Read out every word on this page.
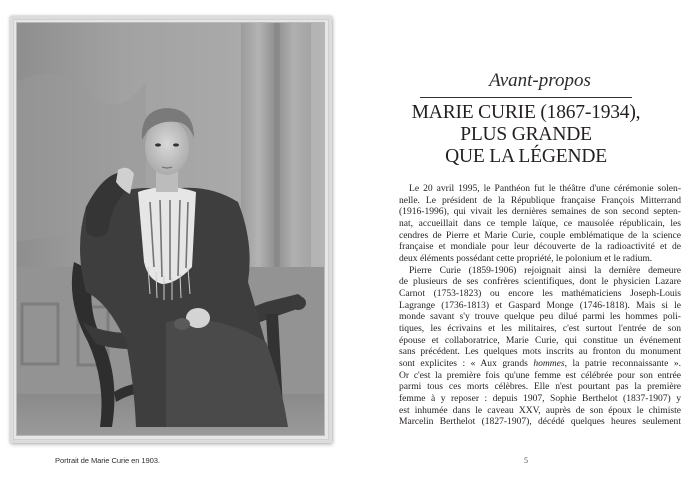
Portrait de Marie Curie en 1903.
Avant-propos
MARIE CURIE (1867-1934),
PLUS GRANDE
QUE LA LÉGENDE
Le 20 avril 1995, le Panthéon fut le théâtre d'une cérémonie solen-
nelle. Le président de la République française François Mitterrand
(1916-1996), qui vivait les dernières semaines de son second septen-
nat, accueillait dans ce temple laïque, ce mausolée républicain, les
cendres de Pierre et Marie Curie, couple emblématique de la science
française et mondiale pour leur découverte de la radioactivité et de
deux éléments possédant cette propriété, le polonium et le radium.
Pierre Curie (1859-1906) rejoignait ainsi la dernière demeure
de plusieurs de ses confrères scientifiques, dont le physicien Lazare
Carnot (1753-1823) ou encore les mathématiciens Joseph-Louis
Lagrange (1736-1813) et Gaspard Monge (1746-1818). Mais si le
monde savant s'y trouve quelque peu dilué parmi les hommes poli-
tiques, les écrivains et les militaires, c'est surtout l'entrée de son
épouse et collaboratrice, Marie Curie, qui constitue un événement
sans précédent. Les quelques mots inscrits au fronton du monument
sont explicites : « Aux grands hommes, la patrie reconnaissante ».
Or c'est la première fois qu'une femme est célébrée pour son entrée
parmi tous ces morts célèbres. Elle n'est pourtant pas la première
femme à y reposer : depuis 1907, Sophie Berthelot (1837-1907) y
est inhumée dans le caveau XXV, auprès de son époux le chimiste
Marcelin Berthelot (1827-1907), décédé quelques heures seulement
5
